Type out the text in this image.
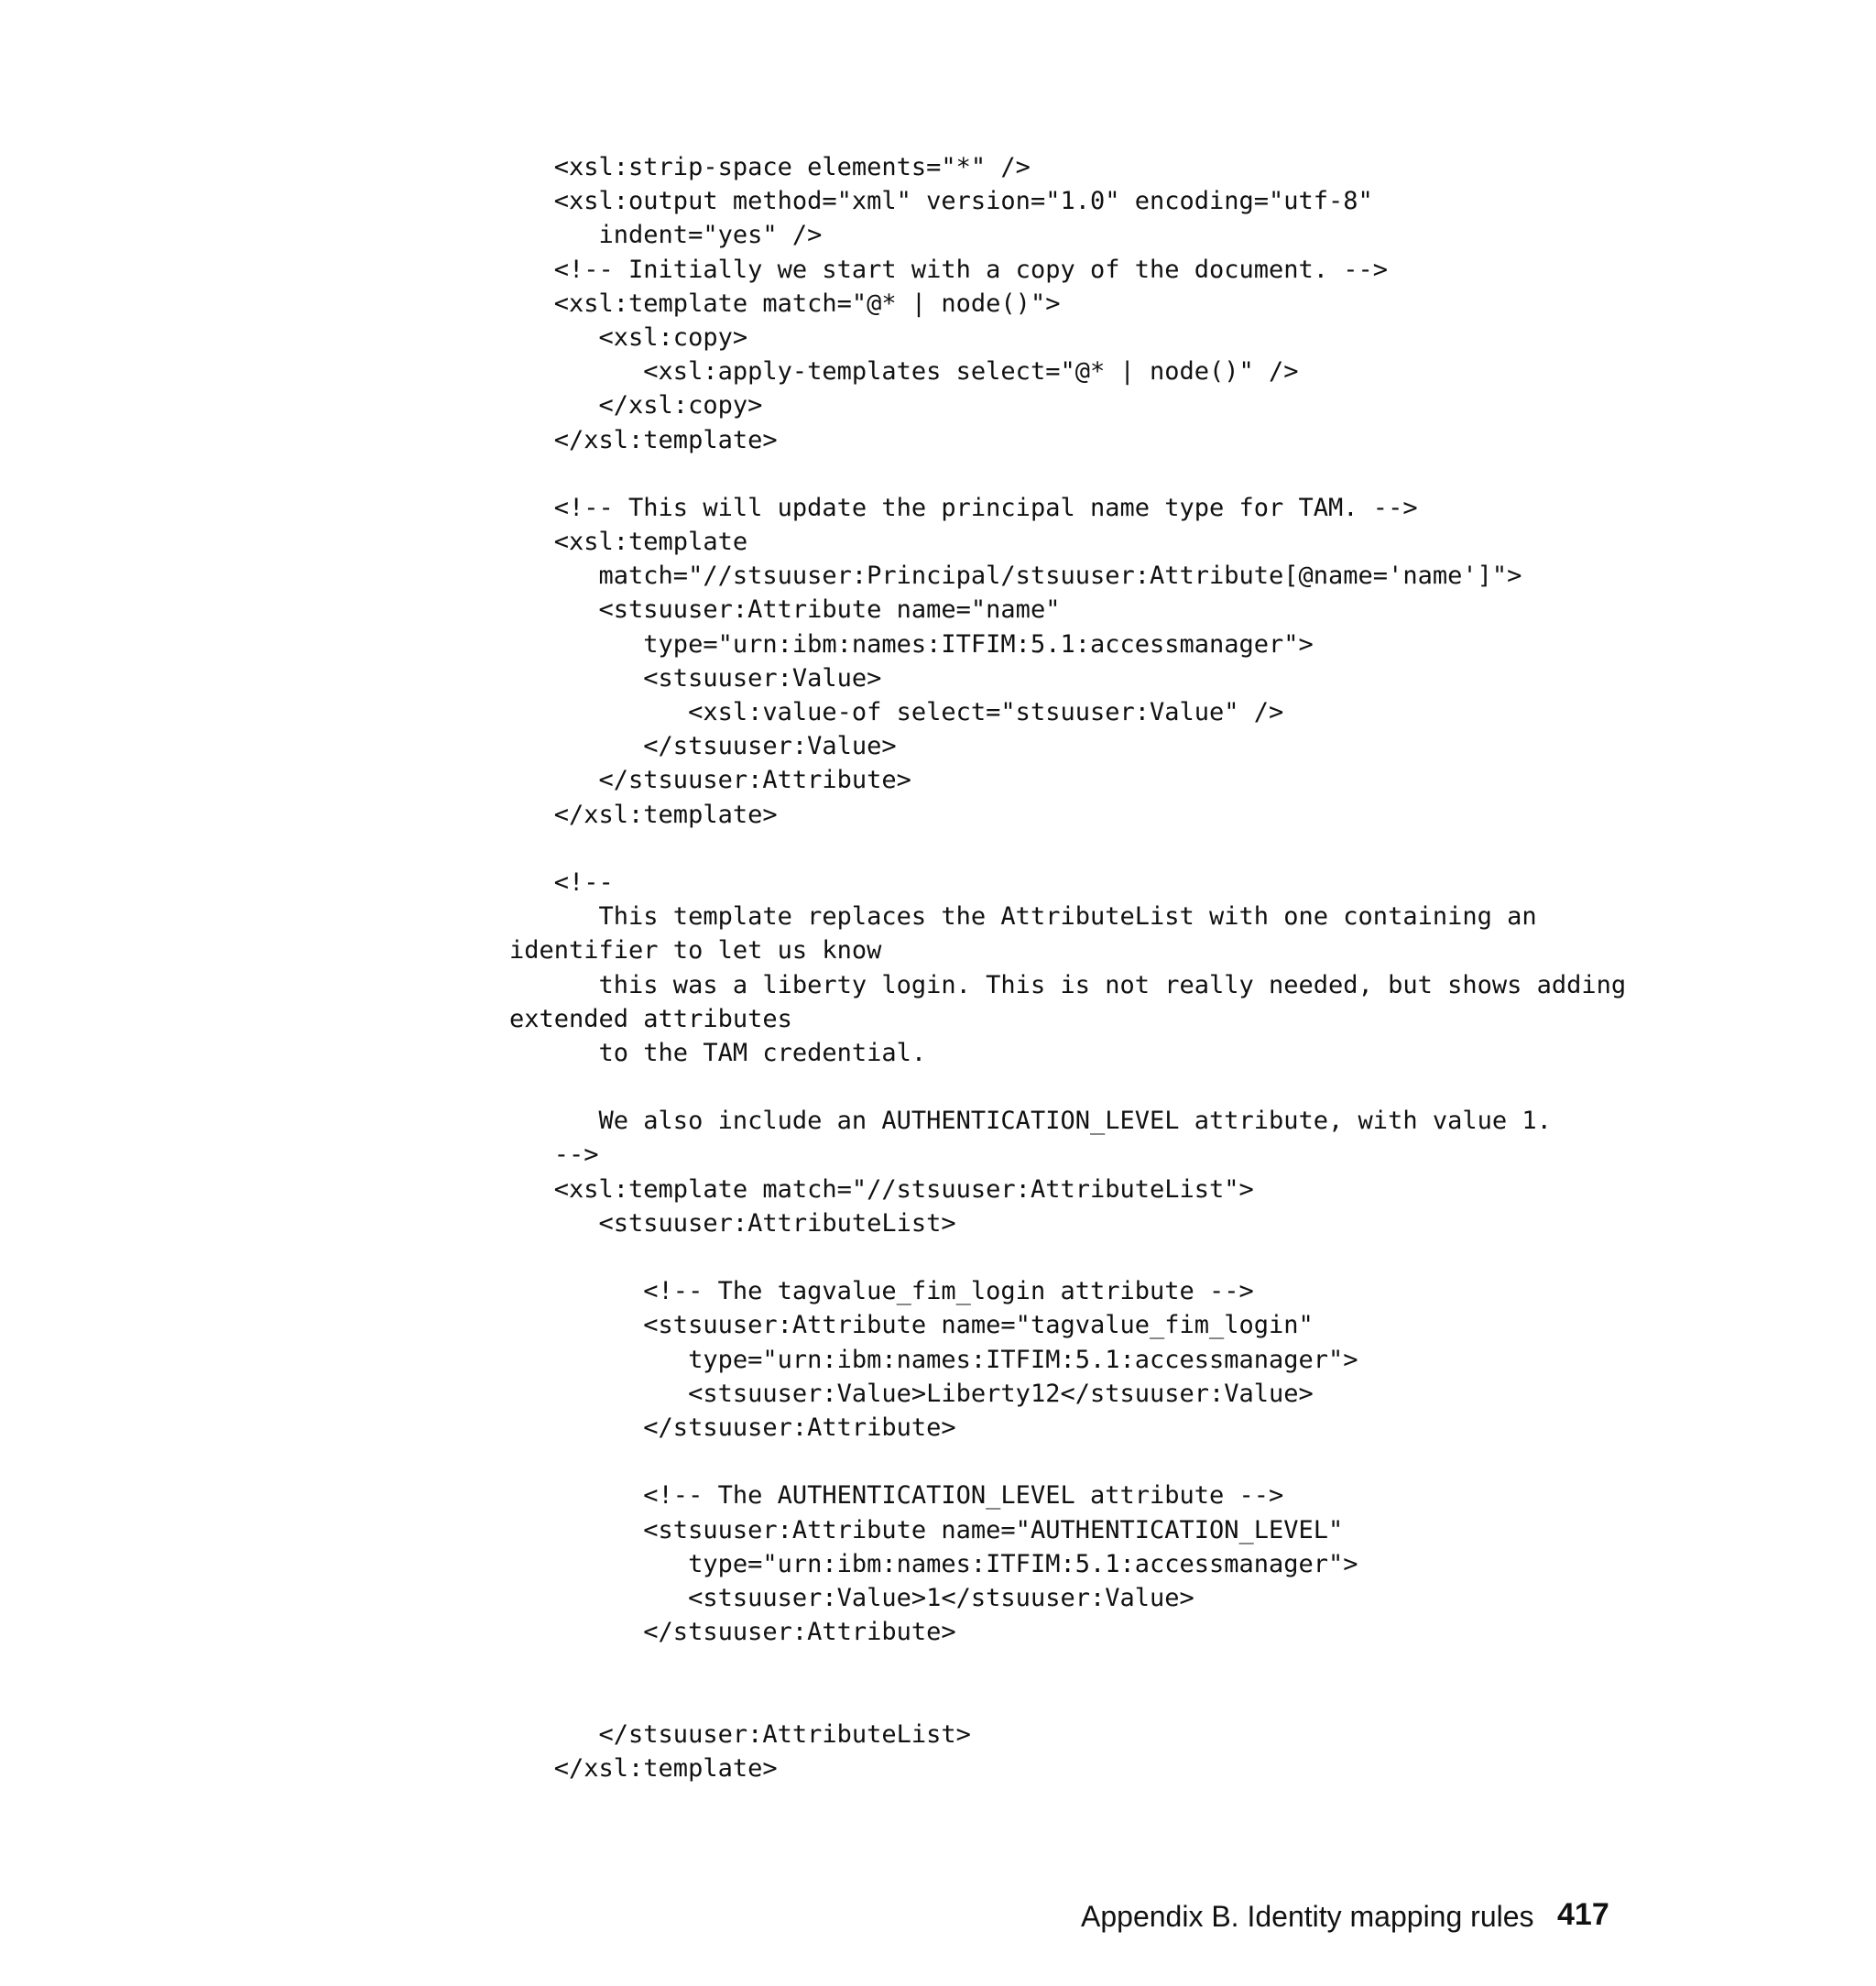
<xsl:strip-space elements="*" />
<xsl:output method="xml" version="1.0" encoding="utf-8"
indent="yes" />
<!-- Initially we start with a copy of the document. -->
<xsl:template match="@* | node()">
<xsl:copy>
<xsl:apply-templates select="@* | node()" />
</xsl:copy>
</xsl:template>
<!-- This will update the principal name type for TAM. -->
<xsl:template
match="//stsuuser:Principal/stsuuser:Attribute[@name='name']">
<stsuuser:Attribute name="name"
type="urn:ibm:names:ITFIM:5.1:accessmanager">
<stsuuser:Value>
<xsl:value-of select="stsuuser:Value" />
</stsuuser:Value>
</stsuuser:Attribute>
</xsl:template>
<!--
This template replaces the AttributeList with one containing an
identifier to let us know
this was a liberty login. This is not really needed, but shows adding
extended attributes
to the TAM credential.
We also include an AUTHENTICATION_LEVEL attribute, with value 1.
-->
<xsl:template match="//stsuuser:AttributeList">
<stsuuser:AttributeList>
<!-- The tagvalue_fim_login attribute -->
<stsuuser:Attribute name="tagvalue_fim_login"
type="urn:ibm:names:ITFIM:5.1:accessmanager">
<stsuuser:Value>Liberty12</stsuuser:Value>
</stsuuser:Attribute>
<!-- The AUTHENTICATION_LEVEL attribute -->
<stsuuser:Attribute name="AUTHENTICATION_LEVEL"
type="urn:ibm:names:ITFIM:5.1:accessmanager">
<stsuuser:Value>1</stsuuser:Value>
</stsuuser:Attribute>
</stsuuser:AttributeList>
</xsl:template>
Appendix B. Identity mapping rules 417
